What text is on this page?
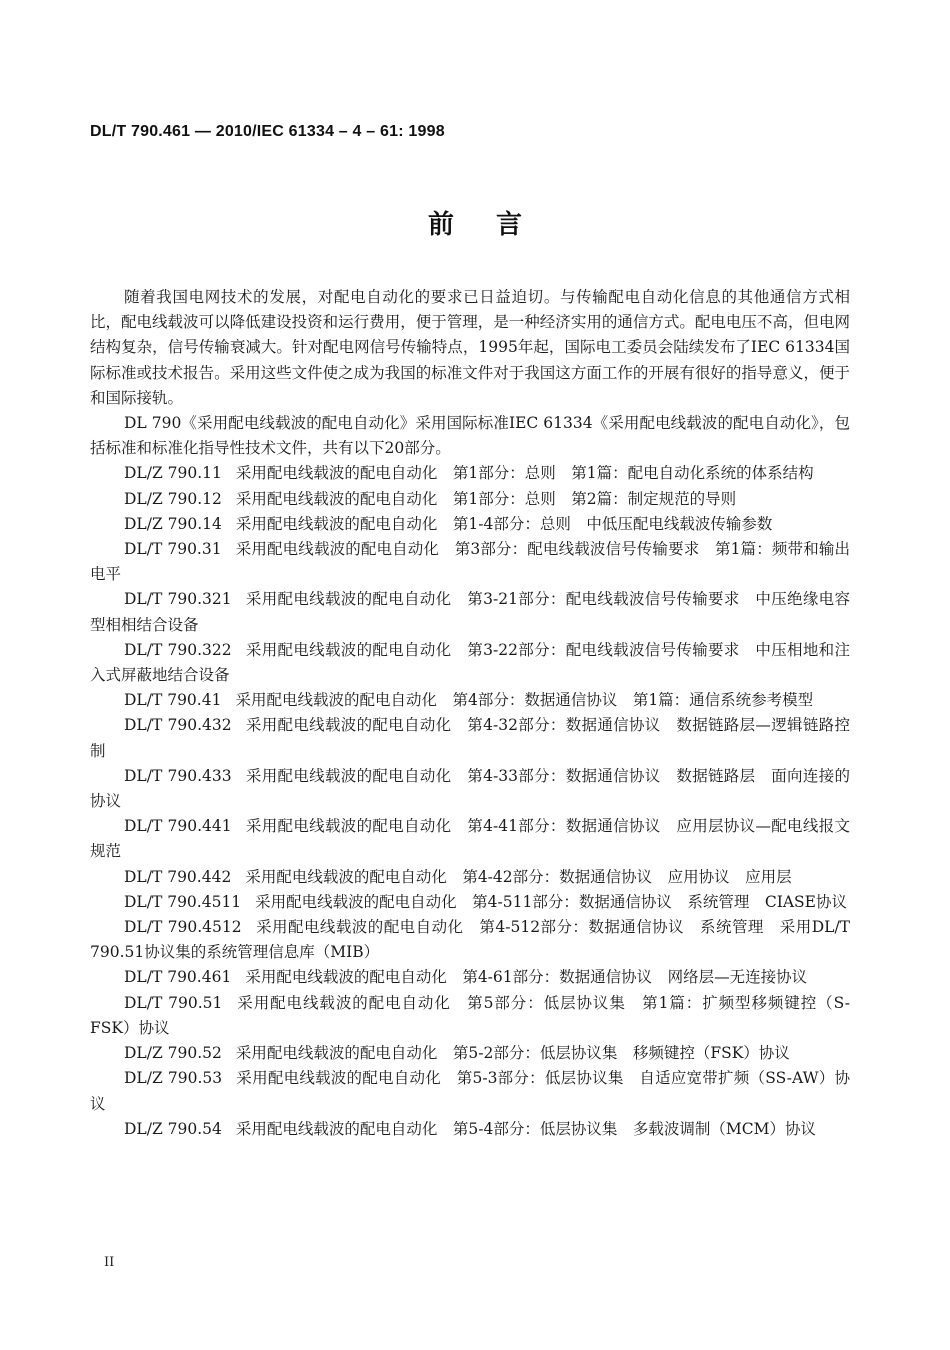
DL/T 790.461 — 2010/IEC 61334 – 4 – 61: 1998
前言

随着我国电网技术的发展，对配电自动化的要求已日益迫切。与传输配电自动化信息的其他通信方式相比，配电线载波可以降低建设投资和运行费用，便于管理，是一种经济实用的通信方式。配电电压不高，但电网结构复杂，信号传输衰减大。针对配电网信号传输特点，1995年起，国际电工委员会陆续发布了IEC 61334国际标准或技术报告。采用这些文件使之成为我国的标准文件对于我国这方面工作的开展有很好的指导意义，便于和国际接轨。

DL 790《采用配电线载波的配电自动化》采用国际标准IEC 61334《采用配电线载波的配电自动化》，包括标准和标准化指导性技术文件，共有以下20部分。

DL/Z 790.11 采用配电线载波的配电自动化　第1部分：总则　第1篇：配电自动化系统的体系结构

DL/Z 790.12 采用配电线载波的配电自动化　第1部分：总则　第2篇：制定规范的导则

DL/Z 790.14 采用配电线载波的配电自动化　第1-4部分：总则　中低压配电线载波传输参数

DL/T 790.31 采用配电线载波的配电自动化　第3部分：配电线载波信号传输要求　第1篇：频带和输出电平

DL/T 790.321 采用配电线载波的配电自动化　第3-21部分：配电线载波信号传输要求　中压绝缘电容型相相结合设备

DL/T 790.322 采用配电线载波的配电自动化　第3-22部分：配电线载波信号传输要求　中压相地和注入式屏蔽地结合设备

DL/T 790.41 采用配电线载波的配电自动化　第4部分：数据通信协议　第1篇：通信系统参考模型

DL/T 790.432 采用配电线载波的配电自动化　第4-32部分：数据通信协议　数据链路层—逻辑链路控制

DL/T 790.433 采用配电线载波的配电自动化　第4-33部分：数据通信协议　数据链路层　面向连接的协议

DL/T 790.441 采用配电线载波的配电自动化　第4-41部分：数据通信协议　应用层协议—配电线报文规范

DL/T 790.442 采用配电线载波的配电自动化　第4-42部分：数据通信协议　应用协议　应用层

DL/T 790.4511 采用配电线载波的配电自动化　第4-511部分：数据通信协议　系统管理　CIASE协议

DL/T 790.4512 采用配电线载波的配电自动化　第4-512部分：数据通信协议　系统管理　采用DL/T 790.51协议集的系统管理信息库（MIB）

DL/T 790.461 采用配电线载波的配电自动化　第4-61部分：数据通信协议　网络层—无连接协议

DL/T 790.51 采用配电线载波的配电自动化　第5部分：低层协议集　第1篇：扩频型移频键控（S-FSK）协议

DL/Z 790.52 采用配电线载波的配电自动化　第5-2部分：低层协议集　移频键控（FSK）协议

DL/Z 790.53 采用配电线载波的配电自动化　第5-3部分：低层协议集　自适应宽带扩频（SS-AW）协议

DL/Z 790.54 采用配电线载波的配电自动化　第5-4部分：低层协议集　多载波调制（MCM）协议

II
